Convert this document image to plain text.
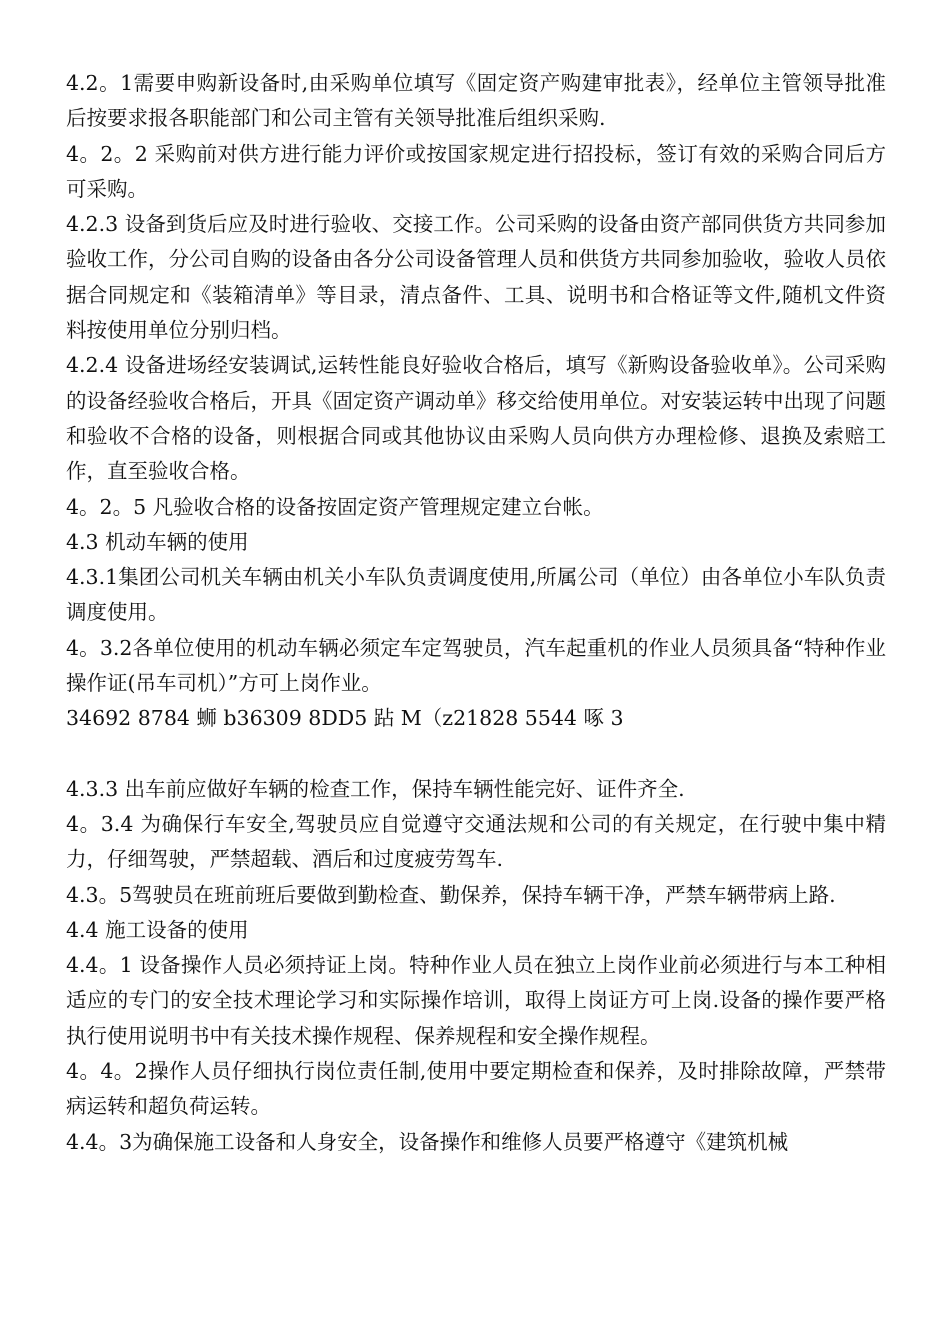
4.2。1需要申购新设备时,由采购单位填写《固定资产购建审批表》，经单位主管领导批准后按要求报各职能部门和公司主管有关领导批准后组织采购.

4。2。2 采购前对供方进行能力评价或按国家规定进行招投标，签订有效的采购合同后方可采购。

4.2.3 设备到货后应及时进行验收、交接工作。公司采购的设备由资产部同供货方共同参加验收工作，分公司自购的设备由各分公司设备管理人员和供货方共同参加验收，验收人员依据合同规定和《装箱清单》等目录，清点备件、工具、说明书和合格证等文件,随机文件资料按使用单位分别归档。

4.2.4 设备进场经安装调试,运转性能良好验收合格后，填写《新购设备验收单》。公司采购的设备经验收合格后，开具《固定资产调动单》移交给使用单位。对安装运转中出现了问题和验收不合格的设备，则根据合同或其他协议由采购人员向供方办理检修、退换及索赔工作，直至验收合格。

4。2。5 凡验收合格的设备按固定资产管理规定建立台帐。

4.3 机动车辆的使用

4.3.1集团公司机关车辆由机关小车队负责调度使用,所属公司（单位）由各单位小车队负责调度使用。

4。3.2各单位使用的机动车辆必须定车定驾驶员，汽车起重机的作业人员须具备“特种作业操作证(吊车司机）”方可上岗作业。

34692 8784 蛳 b36309 8DD5 跕 M（z21828 5544 啄 3

4.3.3 出车前应做好车辆的检查工作，保持车辆性能完好、证件齐全.

4。3.4 为确保行车安全,驾驶员应自觉遵守交通法规和公司的有关规定，在行驶中集中精力，仔细驾驶，严禁超载、酒后和过度疲劳驾车.

4.3。5驾驶员在班前班后要做到勤检查、勤保养，保持车辆干净，严禁车辆带病上路.

4.4 施工设备的使用

4.4。1 设备操作人员必须持证上岗。特种作业人员在独立上岗作业前必须进行与本工种相适应的专门的安全技术理论学习和实际操作培训，取得上岗证方可上岗.设备的操作要严格执行使用说明书中有关技术操作规程、保养规程和安全操作规程。

4。4。2操作人员仔细执行岗位责任制,使用中要定期检查和保养，及时排除故障，严禁带病运转和超负荷运转。

4.4。3为确保施工设备和人身安全，设备操作和维修人员要严格遵守《建筑机械
